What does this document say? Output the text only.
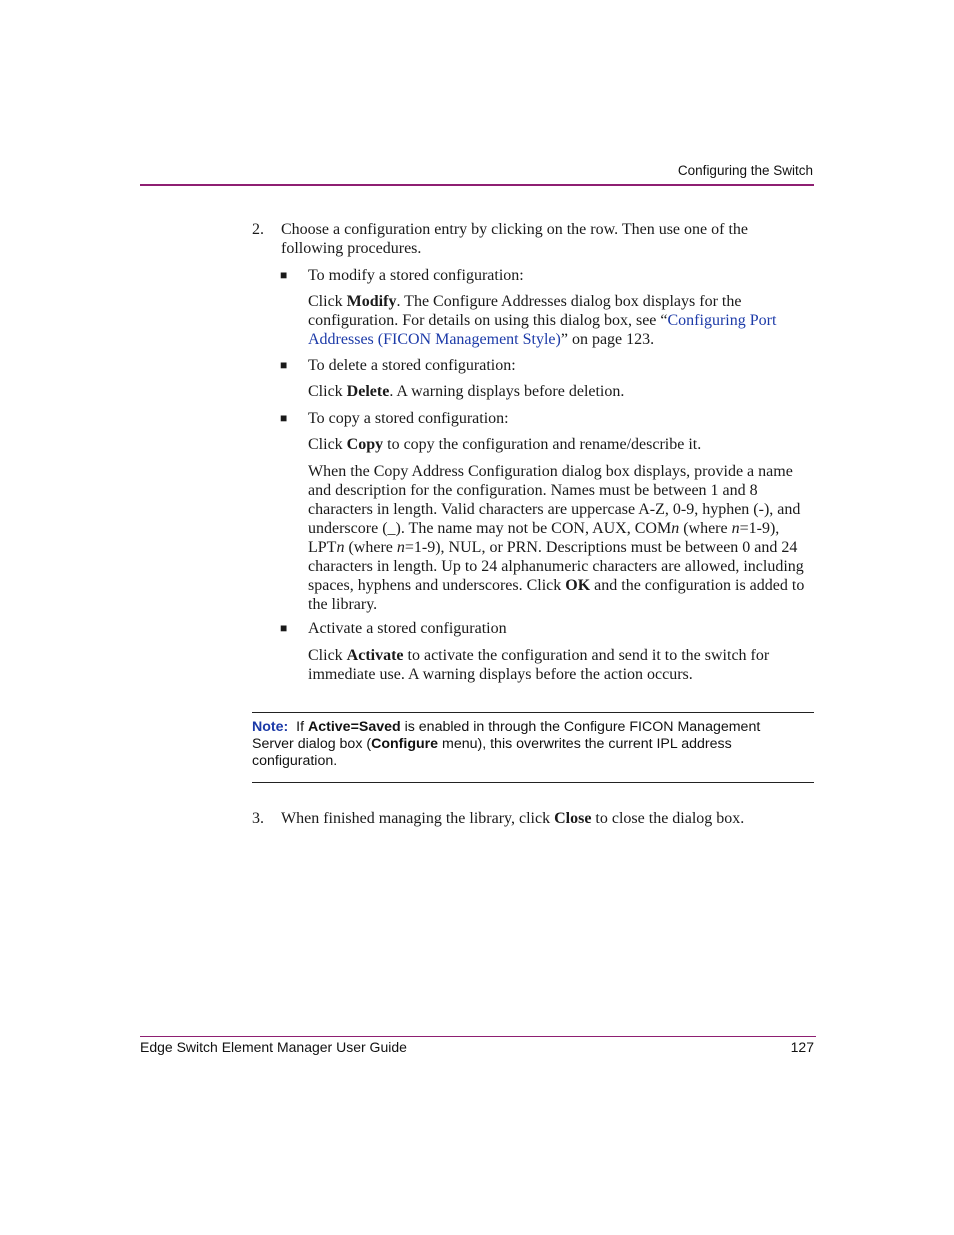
Configuring the Switch
2. Choose a configuration entry by clicking on the row. Then use one of the following procedures.
■ To modify a stored configuration:
Click Modify. The Configure Addresses dialog box displays for the configuration. For details on using this dialog box, see “Configuring Port Addresses (FICON Management Style)” on page 123.
■ To delete a stored configuration:
Click Delete. A warning displays before deletion.
■ To copy a stored configuration:
Click Copy to copy the configuration and rename/describe it.
When the Copy Address Configuration dialog box displays, provide a name and description for the configuration. Names must be between 1 and 8 characters in length. Valid characters are uppercase A-Z, 0-9, hyphen (-), and underscore (_). The name may not be CON, AUX, COMn (where n=1-9), LPTn (where n=1-9), NUL, or PRN. Descriptions must be between 0 and 24 characters in length. Up to 24 alphanumeric characters are allowed, including spaces, hyphens and underscores. Click OK and the configuration is added to the library.
■ Activate a stored configuration
Click Activate to activate the configuration and send it to the switch for immediate use. A warning displays before the action occurs.
Note:  If Active=Saved is enabled in through the Configure FICON Management Server dialog box (Configure menu), this overwrites the current IPL address configuration.
3. When finished managing the library, click Close to close the dialog box.
Edge Switch Element Manager User Guide	127
